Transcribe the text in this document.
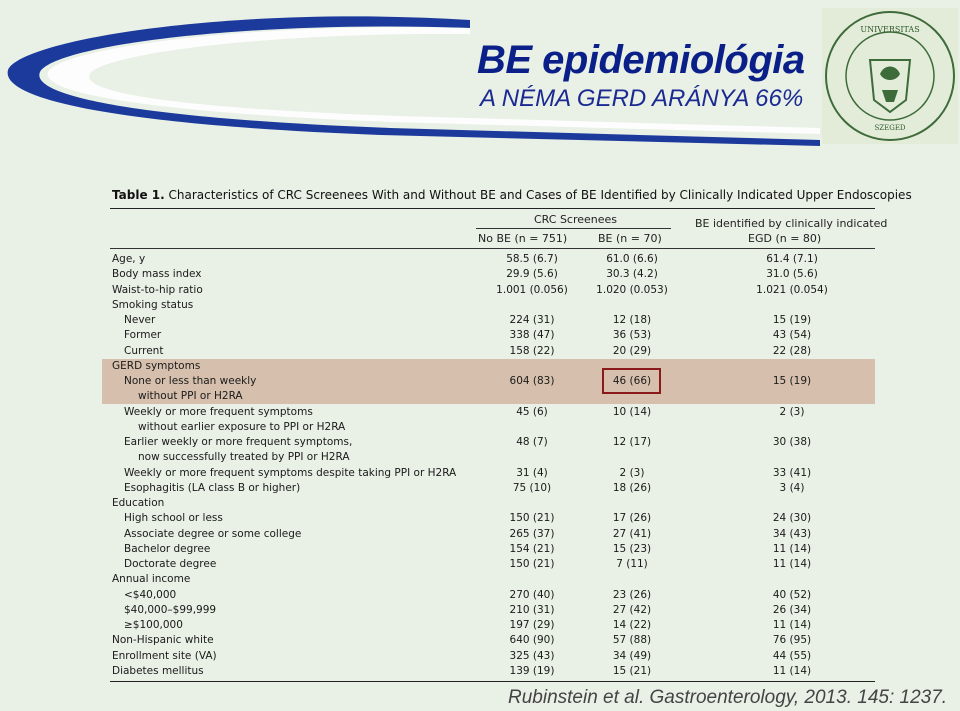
BE epidemiológia
A NÉMA GERD ARÁNYA 66%
UNIVERSITAS
SZEGED
Table 1. Characteristics of CRC Screenees With and Without BE and Cases of BE Identified by Clinically Indicated Upper Endoscopies
CRC Screenees
No BE (n = 751)	BE (n = 70)
BE identified by clinically indicated
EGD (n = 80)
Age, y	58.5 (6.7)	61.0 (6.6)	61.4 (7.1)
Body mass index	29.9 (5.6)	30.3 (4.2)	31.0 (5.6)
Waist-to-hip ratio	1.001 (0.056)	1.020 (0.053)	1.021 (0.054)
Smoking status
Never	224 (31)	12 (18)	15 (19)
Former	338 (47)	36 (53)	43 (54)
Current	158 (22)	20 (29)	22 (28)
GERD symptoms
None or less than weekly	604 (83)	46 (66)	15 (19)
without PPI or H2RA
Weekly or more frequent symptoms	45 (6)	10 (14)	2 (3)
without earlier exposure to PPI or H2RA
Earlier weekly or more frequent symptoms,	48 (7)	12 (17)	30 (38)
now successfully treated by PPI or H2RA
Weekly or more frequent symptoms despite taking PPI or H2RA	31 (4)	2 (3)	33 (41)
Esophagitis (LA class B or higher)	75 (10)	18 (26)	3 (4)
Education
High school or less	150 (21)	17 (26)	24 (30)
Associate degree or some college	265 (37)	27 (41)	34 (43)
Bachelor degree	154 (21)	15 (23)	11 (14)
Doctorate degree	150 (21)	7 (11)	11 (14)
Annual income
<$40,000	270 (40)	23 (26)	40 (52)
$40,000–$99,999	210 (31)	27 (42)	26 (34)
≥$100,000	197 (29)	14 (22)	11 (14)
Non-Hispanic white	640 (90)	57 (88)	76 (95)
Enrollment site (VA)	325 (43)	34 (49)	44 (55)
Diabetes mellitus	139 (19)	15 (21)	11 (14)
Rubinstein et al. Gastroenterology, 2013. 145: 1237.
